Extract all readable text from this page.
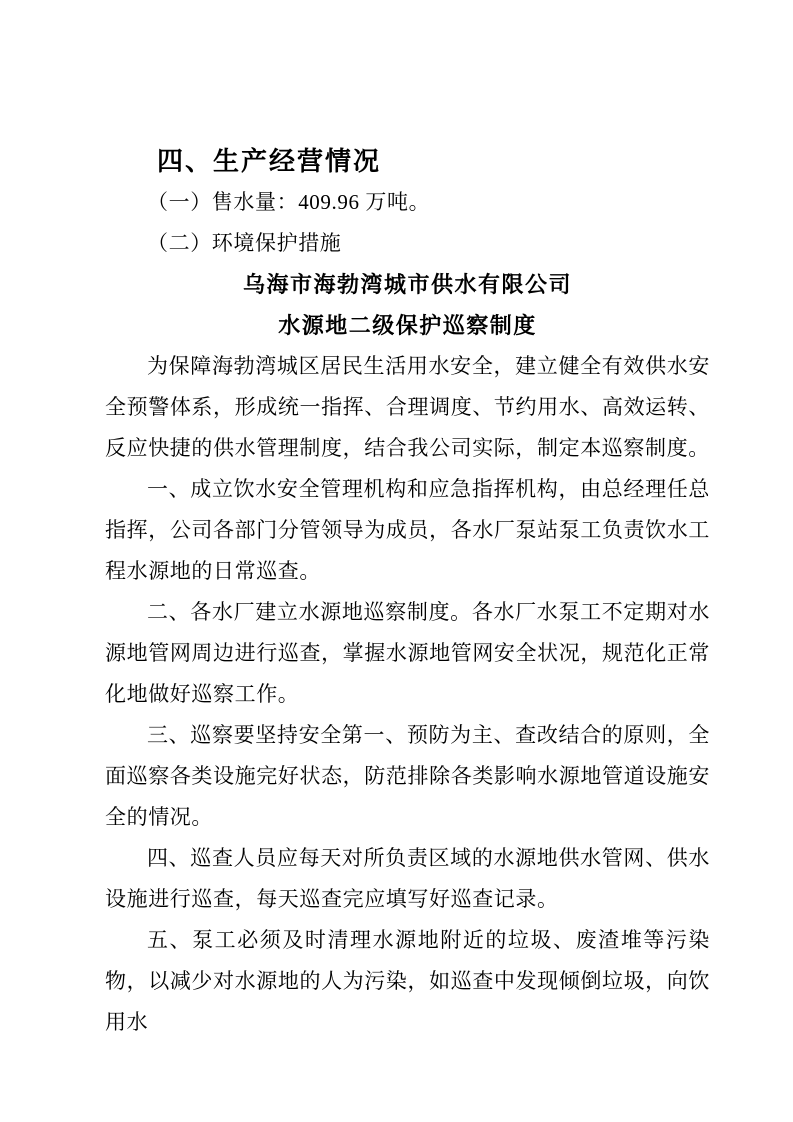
四、生产经营情况

（一）售水量：409.96 万吨。

（二）环境保护措施

乌海市海勃湾城市供水有限公司
水源地二级保护巡察制度

为保障海勃湾城区居民生活用水安全，建立健全有效供水安全预警体系，形成统一指挥、合理调度、节约用水、高效运转、反应快捷的供水管理制度，结合我公司实际，制定本巡察制度。

一、成立饮水安全管理机构和应急指挥机构，由总经理任总指挥，公司各部门分管领导为成员，各水厂泵站泵工负责饮水工程水源地的日常巡查。

二、各水厂建立水源地巡察制度。各水厂水泵工不定期对水源地管网周边进行巡查，掌握水源地管网安全状况，规范化正常化地做好巡察工作。

三、巡察要坚持安全第一、预防为主、查改结合的原则，全面巡察各类设施完好状态，防范排除各类影响水源地管道设施安全的情况。

四、巡查人员应每天对所负责区域的水源地供水管网、供水设施进行巡查，每天巡查完应填写好巡查记录。

五、泵工必须及时清理水源地附近的垃圾、废渣堆等污染物，以减少对水源地的人为污染，如巡查中发现倾倒垃圾，向饮用水
